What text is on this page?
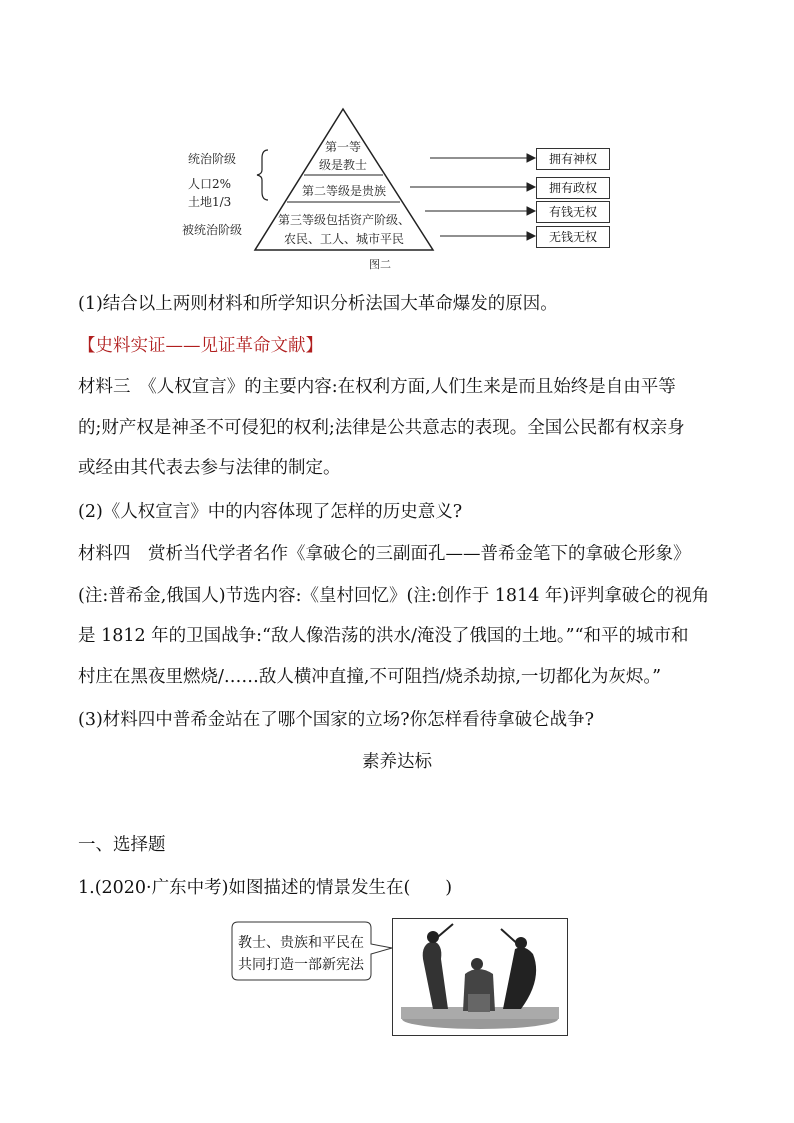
统治阶级
人口2%
土地1/3
被统治阶级
第一等
级是教士
第二等级是贵族
第三等级包括资产阶级、
农民、工人、城市平民
拥有神权
拥有政权
有钱无权
无钱无权
图二
(1)结合以上两则材料和所学知识分析法国大革命爆发的原因。
【史料实证——见证革命文献】
材料三　《人权宣言》的主要内容:在权利方面,人们生来是而且始终是自由平等
的;财产权是神圣不可侵犯的权利;法律是公共意志的表现。全国公民都有权亲身
或经由其代表去参与法律的制定。
(2)《人权宣言》中的内容体现了怎样的历史意义?
材料四　赏析当代学者名作《拿破仑的三副面孔——普希金笔下的拿破仑形象》
(注:普希金,俄国人)节选内容:《皇村回忆》(注:创作于 1814 年)评判拿破仑的视角
是 1812 年的卫国战争:“敌人像浩荡的洪水/淹没了俄国的土地。”“和平的城市和
村庄在黑夜里燃烧/……敌人横冲直撞,不可阻挡/烧杀劫掠,一切都化为灰烬。”
(3)材料四中普希金站在了哪个国家的立场?你怎样看待拿破仑战争?
素养达标
一、选择题
1.(2020·广东中考)如图描述的情景发生在(　　)
教士、贵族和平民在
共同打造一部新宪法
